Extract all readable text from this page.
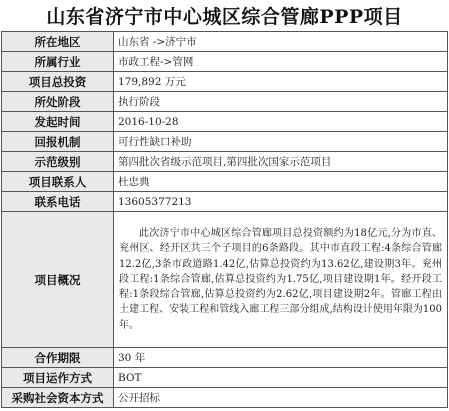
山东省济宁市中心城区综合管廊PPP项目
所在地区	山东省 ->济宁市
所属行业	市政工程->管网
项目总投资	179,892 万元
所处阶段	执行阶段
发起时间	2016-10-28
回报机制	可行性缺口补助
示范级别	第四批次省级示范项目,第四批次国家示范项目
项目联系人	杜忠典
联系电话	13605377213
项目概况	此次济宁市中心城区综合管廊项目总投资额约为18亿元,分为市直、兖州区、经开区共三个子项目的6条路段。其中市直段工程:4条综合管廊12.2亿,3条市政道路1.42亿,估算总投资约为13.62亿,建设期3年。兖州段工程:1条综合管廊,估算总投资约为1.75亿,项目建设期1年。经开段工程:1条段综合管廊,估算总投资约为2.62亿,项目建设期2年。管廊工程由土建工程、安装工程和管线入廊工程三部分组成,结构设计使用年限为100年。
合作期限	30 年
项目运作方式	BOT
采购社会资本方式	公开招标
